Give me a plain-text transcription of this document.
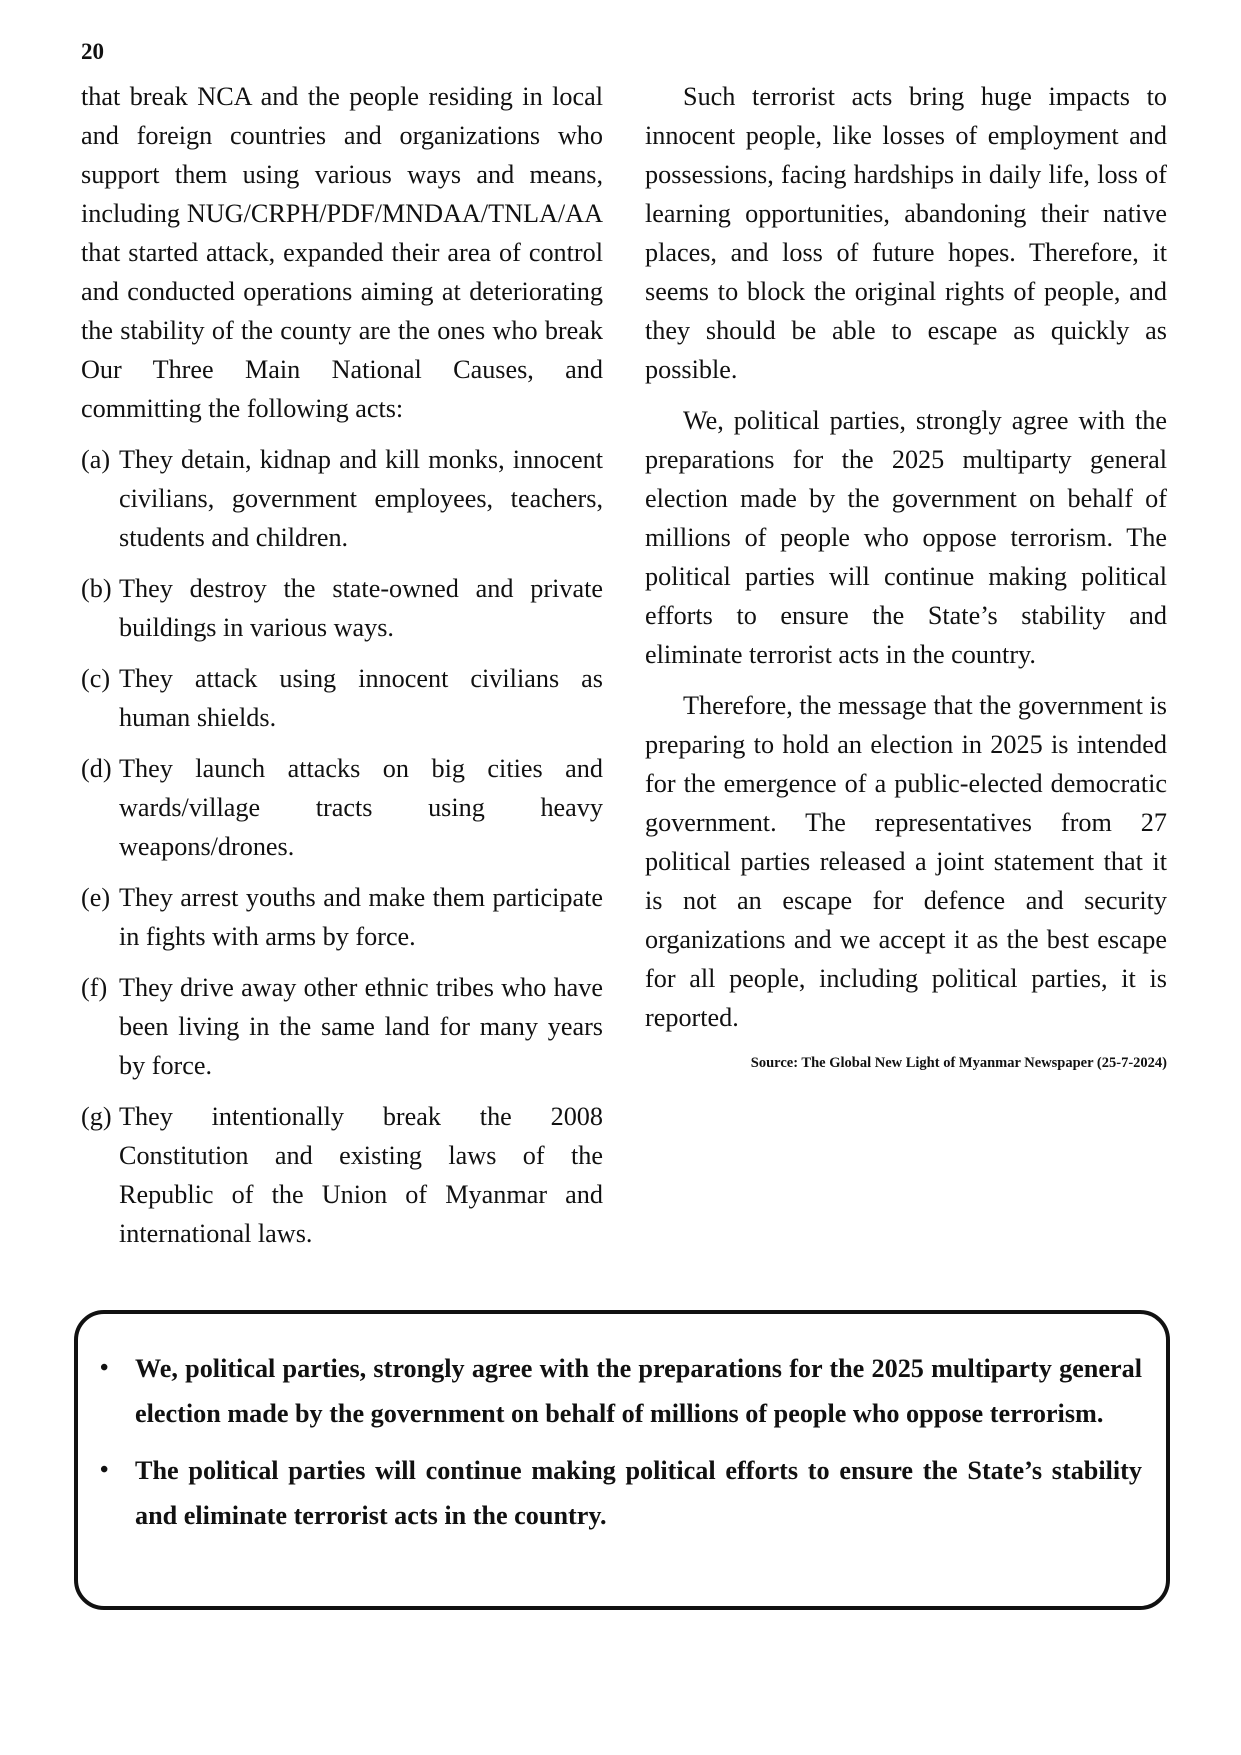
20

that break NCA and the people residing in local and foreign countries and organizations who support them using various ways and means, including NUG/CRPH/PDF/MNDAA/TNLA/AA that started attack, expanded their area of control and conducted operations aiming at deteriorating the stability of the county are the ones who break Our Three Main National Causes, and committing the following acts:

(a) They detain, kidnap and kill monks, innocent civilians, government employees, teachers, students and children.
(b) They destroy the state-owned and private buildings in various ways.
(c) They attack using innocent civilians as human shields.
(d) They launch attacks on big cities and wards/village tracts using heavy weapons/drones.
(e) They arrest youths and make them participate in fights with arms by force.
(f) They drive away other ethnic tribes who have been living in the same land for many years by force.
(g) They intentionally break the 2008 Constitution and existing laws of the Republic of the Union of Myanmar and international laws.

Such terrorist acts bring huge impacts to innocent people, like losses of employment and possessions, facing hardships in daily life, loss of learning opportunities, abandoning their native places, and loss of future hopes. Therefore, it seems to block the original rights of people, and they should be able to escape as quickly as possible.

We, political parties, strongly agree with the preparations for the 2025 multiparty general election made by the government on behalf of millions of people who oppose terrorism. The political parties will continue making political efforts to ensure the State’s stability and eliminate terrorist acts in the country.

Therefore, the message that the government is preparing to hold an election in 2025 is intended for the emergence of a public-elected democratic government. The representatives from 27 political parties released a joint statement that it is not an escape for defence and security organizations and we accept it as the best escape for all people, including political parties, it is reported.

Source: The Global New Light of Myanmar Newspaper (25-7-2024)

• We, political parties, strongly agree with the preparations for the 2025 multiparty general election made by the government on behalf of millions of people who oppose terrorism.
• The political parties will continue making political efforts to ensure the State’s stability and eliminate terrorist acts in the country.
